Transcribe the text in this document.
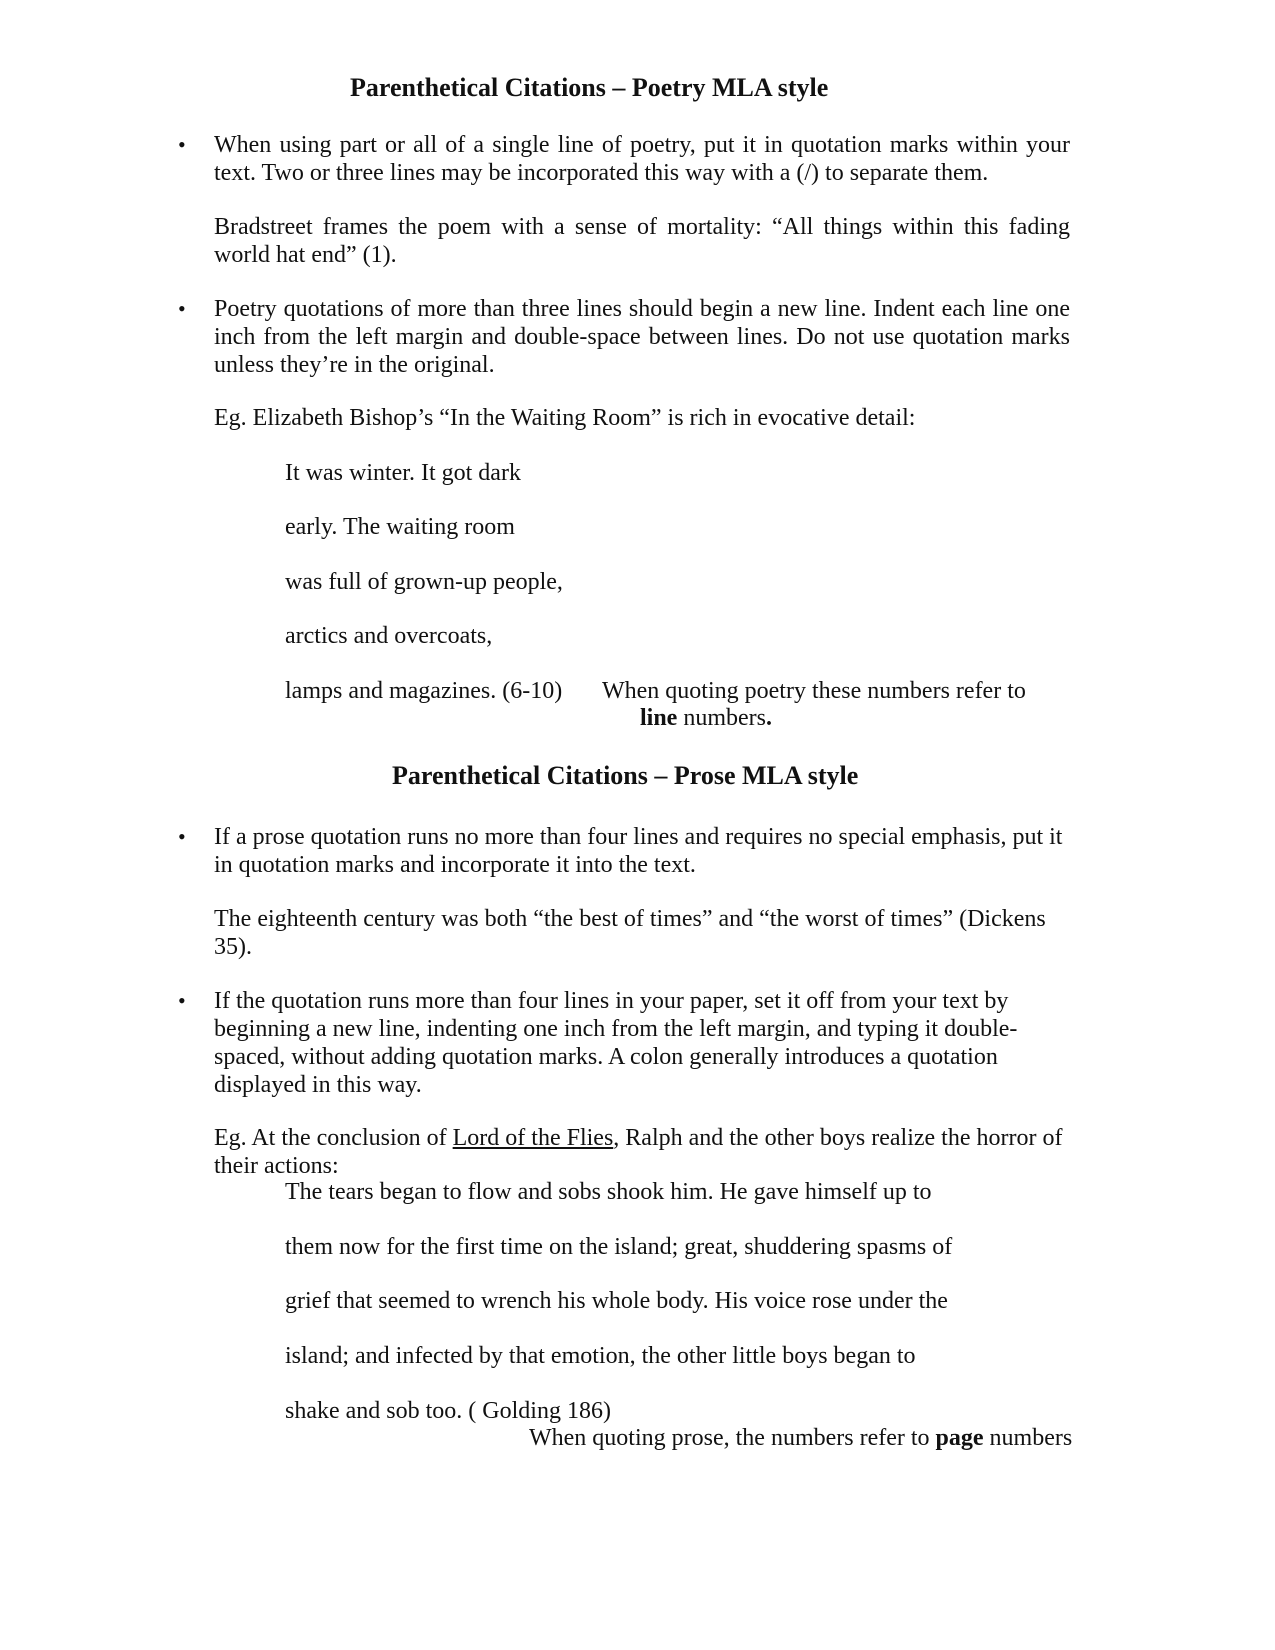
Parenthetical Citations – Poetry MLA style
• When using part or all of a single line of poetry, put it in quotation marks within your text. Two or three lines may be incorporated this way with a (/) to separate them.
Bradstreet frames the poem with a sense of mortality: “All things within this fading world hat end” (1).
• Poetry quotations of more than three lines should begin a new line. Indent each line one inch from the left margin and double-space between lines. Do not use quotation marks unless they’re in the original.
Eg. Elizabeth Bishop’s “In the Waiting Room” is rich in evocative detail:
It was winter. It got dark
early. The waiting room
was full of grown-up people,
arctics and overcoats,
lamps and magazines. (6-10) When quoting poetry these numbers refer to
line numbers.
Parenthetical Citations – Prose MLA style
• If a prose quotation runs no more than four lines and requires no special emphasis, put it in quotation marks and incorporate it into the text.
The eighteenth century was both “the best of times” and “the worst of times” (Dickens 35).
• If the quotation runs more than four lines in your paper, set it off from your text by beginning a new line, indenting one inch from the left margin, and typing it double-spaced, without adding quotation marks. A colon generally introduces a quotation displayed in this way.
Eg. At the conclusion of Lord of the Flies, Ralph and the other boys realize the horror of their actions:
The tears began to flow and sobs shook him. He gave himself up to
them now for the first time on the island; great, shuddering spasms of
grief that seemed to wrench his whole body. His voice rose under the
island; and infected by that emotion, the other little boys began to
shake and sob too. ( Golding 186)
When quoting prose, the numbers refer to page numbers
